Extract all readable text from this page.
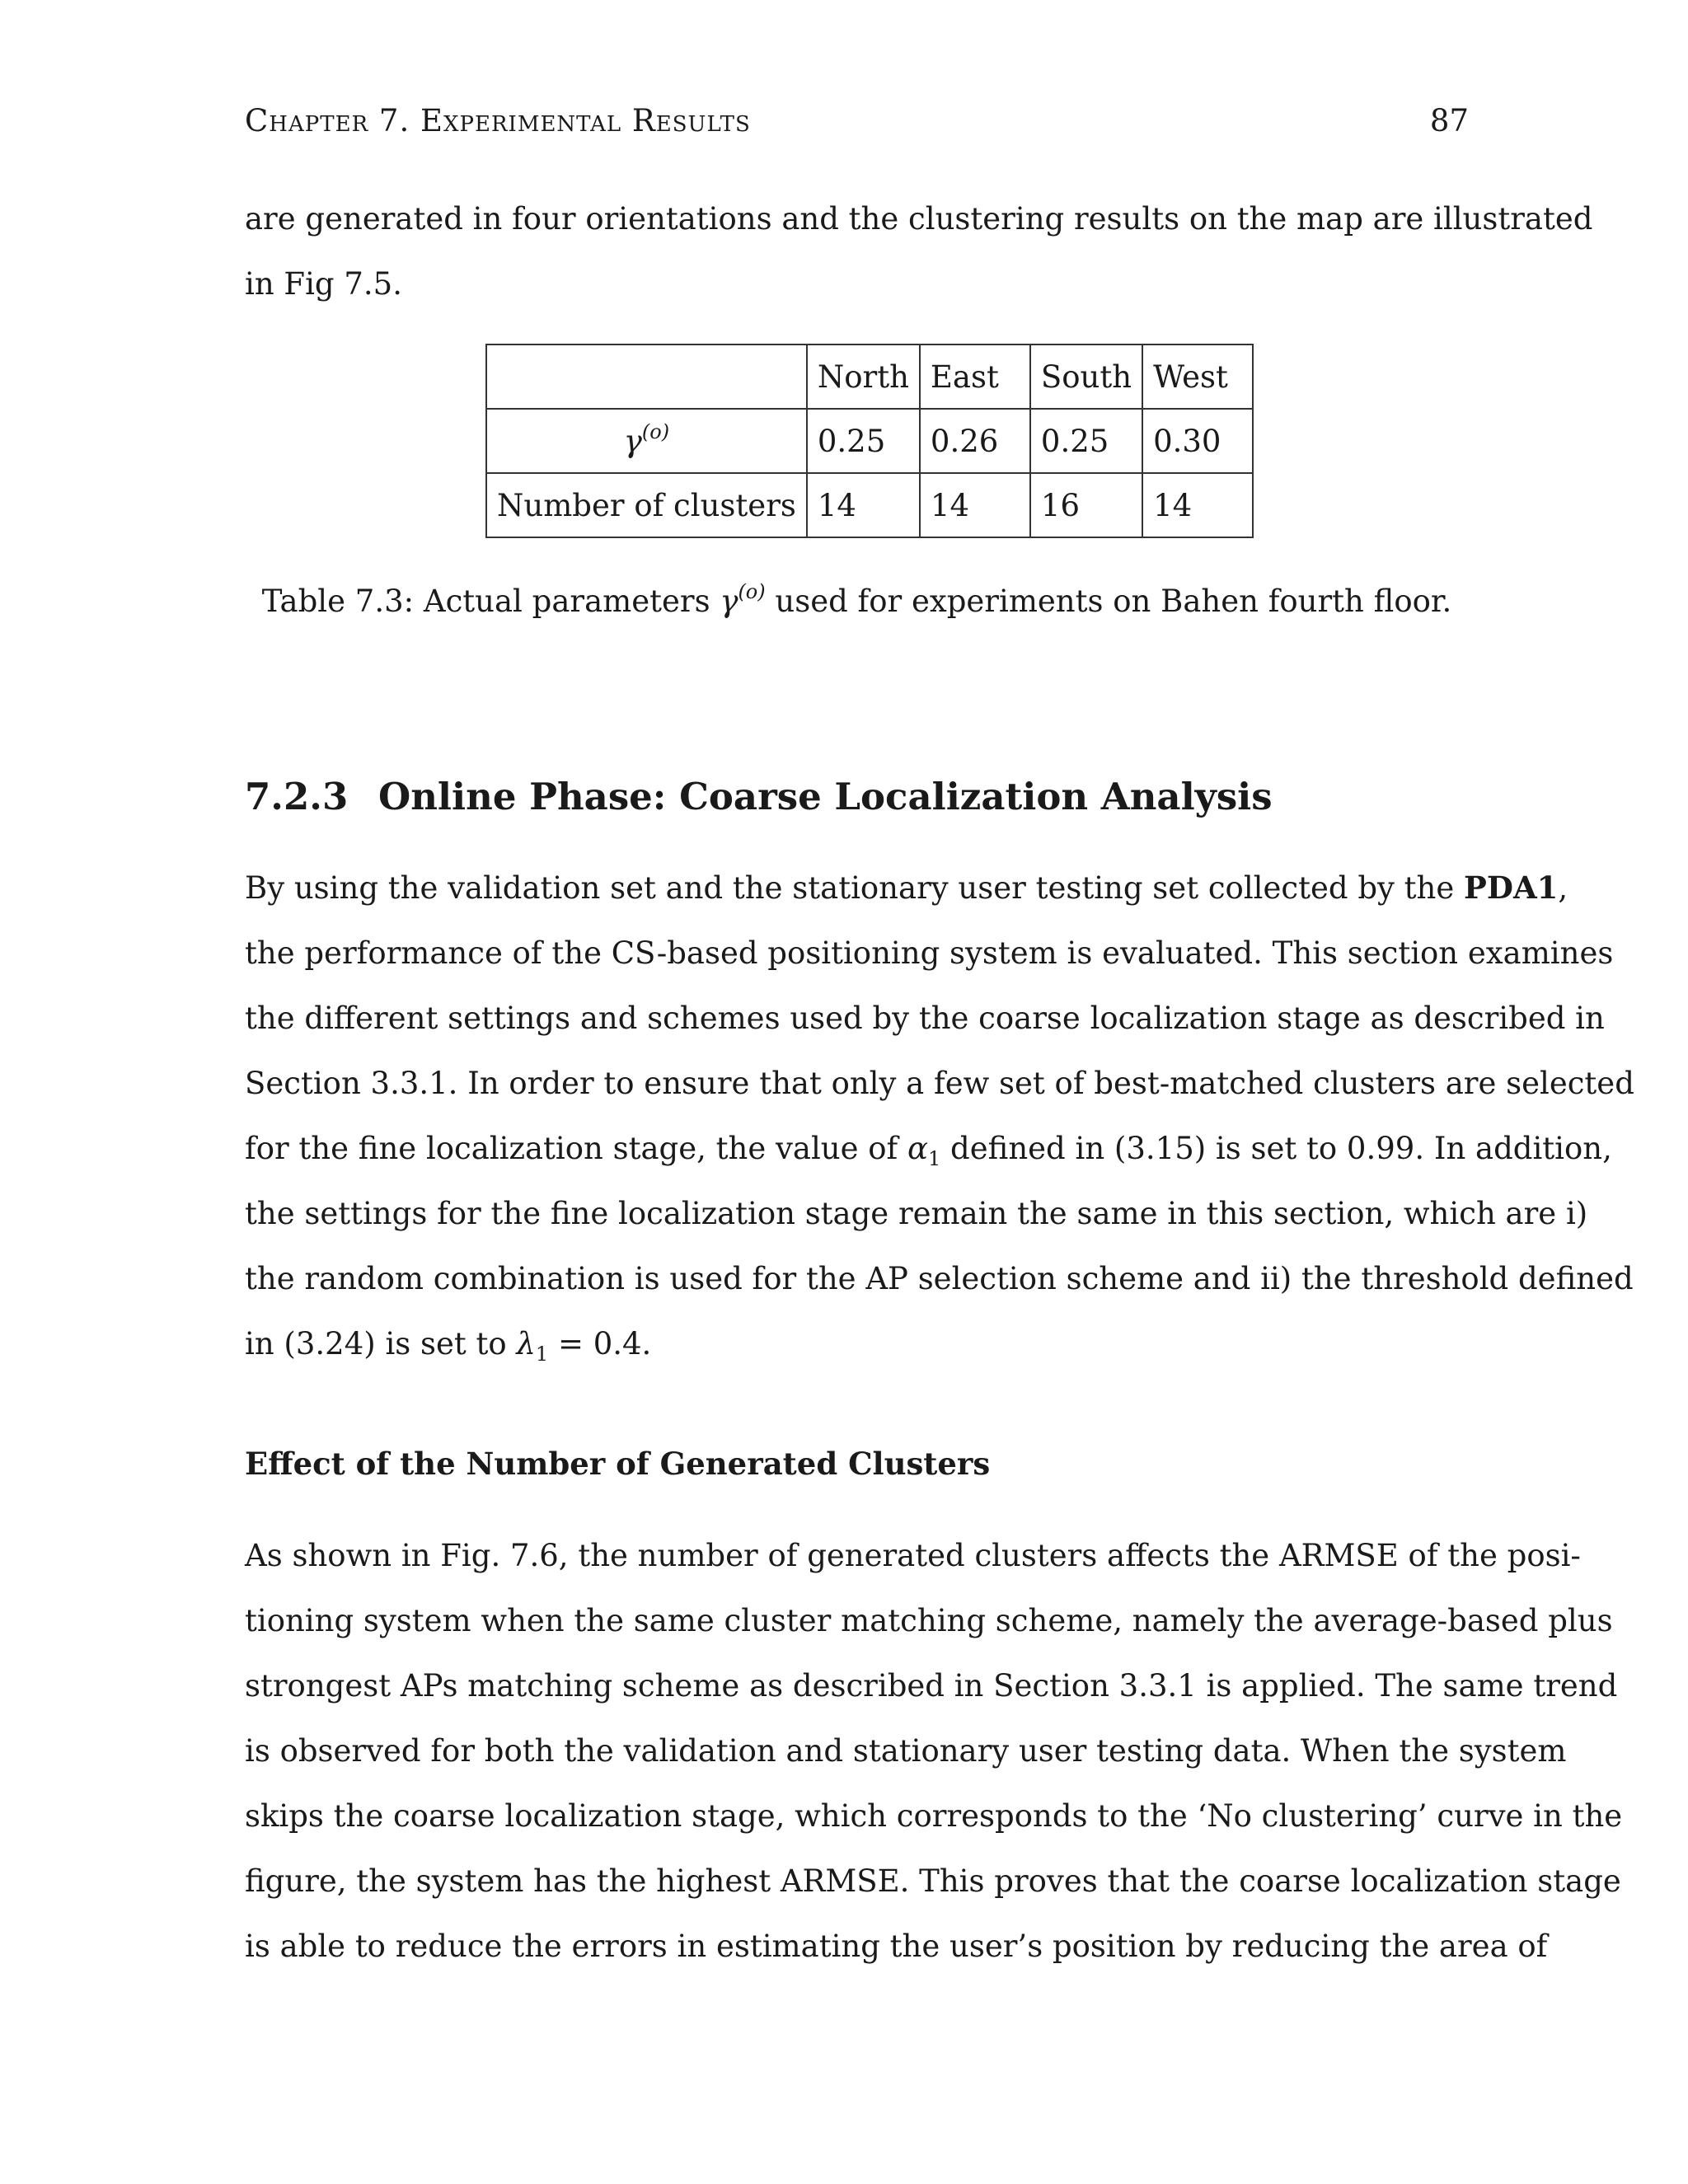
Chapter 7. Experimental Results	87
are generated in four orientations and the clustering results on the map are illustrated
in Fig 7.5.
	North	East	South	West
$\gamma^{(o)}$	0.25	0.26	0.25	0.30
Number of clusters	14	14	16	14
Table 7.3: Actual parameters $\gamma^{(o)}$ used for experiments on Bahen fourth floor.
7.2.3 Online Phase: Coarse Localization Analysis
By using the validation set and the stationary user testing set collected by the PDA1,
the performance of the CS-based positioning system is evaluated. This section examines
the different settings and schemes used by the coarse localization stage as described in
Section 3.3.1. In order to ensure that only a few set of best-matched clusters are selected
for the fine localization stage, the value of $\alpha_1$ defined in (3.15) is set to 0.99. In addition,
the settings for the fine localization stage remain the same in this section, which are i)
the random combination is used for the AP selection scheme and ii) the threshold defined
in (3.24) is set to $\lambda_1 = 0.4$.
Effect of the Number of Generated Clusters
As shown in Fig. 7.6, the number of generated clusters affects the ARMSE of the posi-
tioning system when the same cluster matching scheme, namely the average-based plus
strongest APs matching scheme as described in Section 3.3.1 is applied. The same trend
is observed for both the validation and stationary user testing data. When the system
skips the coarse localization stage, which corresponds to the ‘No clustering’ curve in the
figure, the system has the highest ARMSE. This proves that the coarse localization stage
is able to reduce the errors in estimating the user’s position by reducing the area of
